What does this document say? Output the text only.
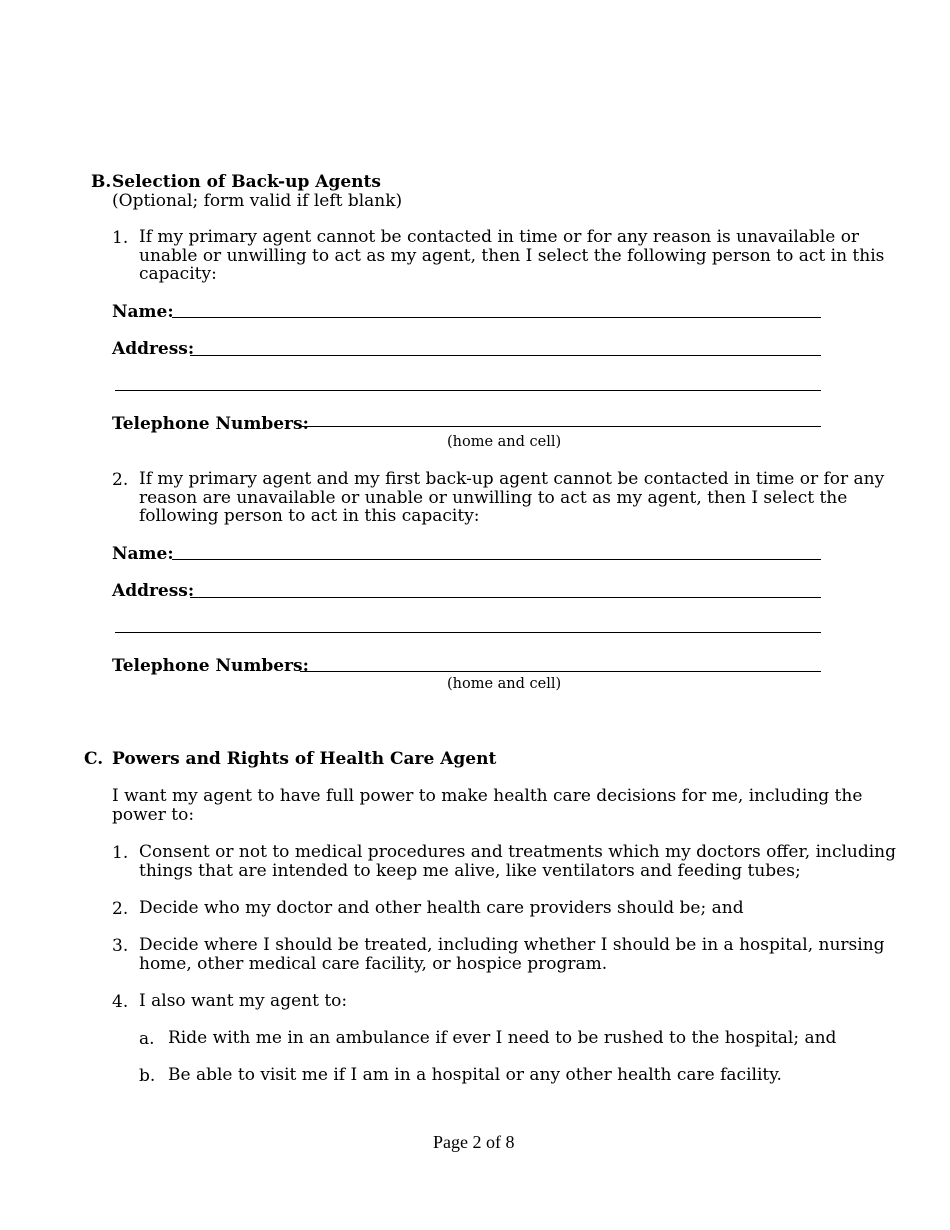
B. Selection of Back-up Agents
(Optional; form valid if left blank)
1. If my primary agent cannot be contacted in time or for any reason is unavailable or
unable or unwilling to act as my agent, then I select the following person to act in this
capacity:
Name:
Address:
Telephone Numbers:
(home and cell)
2. If my primary agent and my first back-up agent cannot be contacted in time or for any
reason are unavailable or unable or unwilling to act as my agent, then I select the
following person to act in this capacity:
Name:
Address:
Telephone Numbers:
(home and cell)
C. Powers and Rights of Health Care Agent
I want my agent to have full power to make health care decisions for me, including the
power to:
1. Consent or not to medical procedures and treatments which my doctors offer, including
things that are intended to keep me alive, like ventilators and feeding tubes;
2. Decide who my doctor and other health care providers should be; and
3. Decide where I should be treated, including whether I should be in a hospital, nursing
home, other medical care facility, or hospice program.
4. I also want my agent to:
a. Ride with me in an ambulance if ever I need to be rushed to the hospital; and
b. Be able to visit me if I am in a hospital or any other health care facility.
Page 2 of 8
